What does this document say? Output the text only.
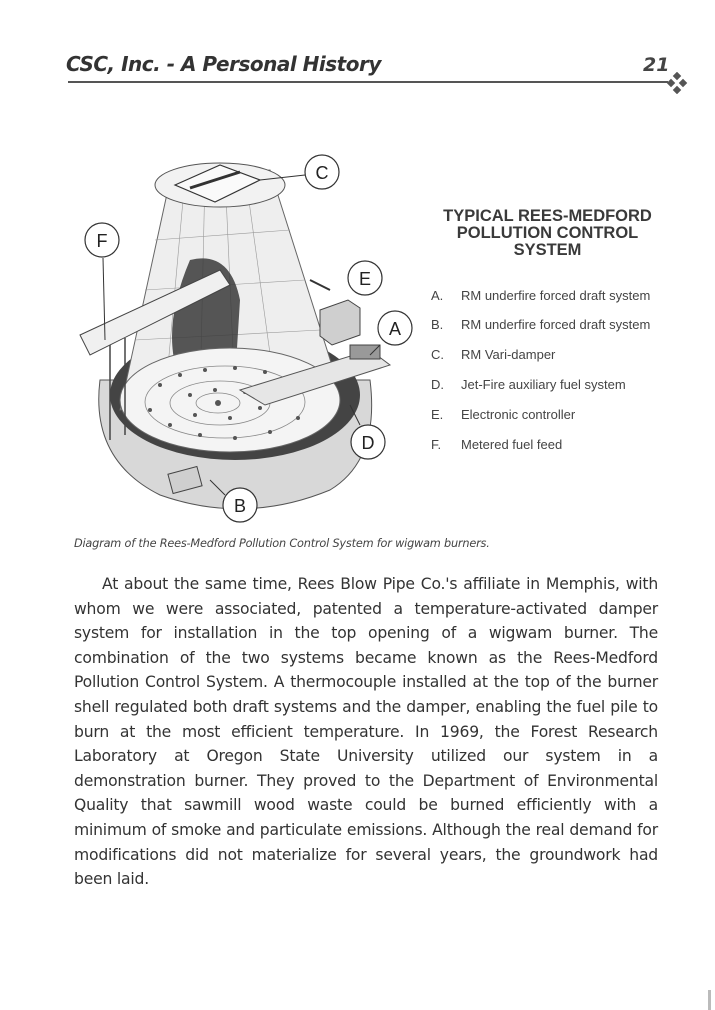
CSC, Inc. - A Personal History	21
C
F
E
A
D
B
TYPICAL REES-MEDFORD POLLUTION CONTROL SYSTEM
A. RM underfire forced draft system
B. RM underfire forced draft system
C. RM Vari-damper
D. Jet-Fire auxiliary fuel system
E. Electronic controller
F. Metered fuel feed
Diagram of the Rees-Medford Pollution Control System for wigwam burners.

At about the same time, Rees Blow Pipe Co.'s affiliate in Memphis, with whom we were associated, patented a temperature-activated damper system for installation in the top opening of a wigwam burner. The combination of the two systems became known as the Rees-Medford Pollution Control System. A thermocouple installed at the top of the burner shell regulated both draft systems and the damper, enabling the fuel pile to burn at the most efficient temperature. In 1969, the Forest Research Laboratory at Oregon State University utilized our system in a demonstration burner. They proved to the Department of Environmental Quality that sawmill wood waste could be burned efficiently with a minimum of smoke and particulate emissions. Although the real demand for modifications did not materialize for several years, the groundwork had been laid.
